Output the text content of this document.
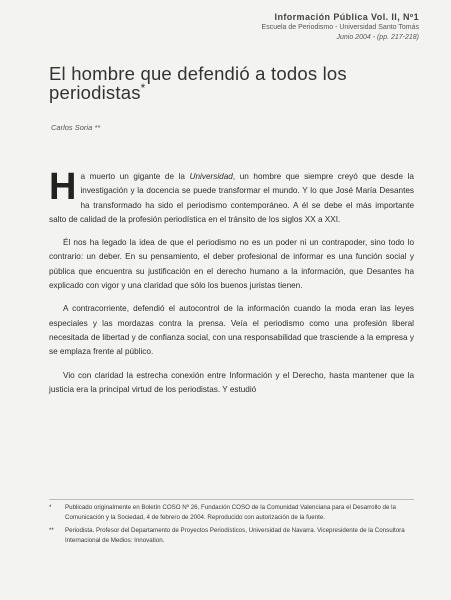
Información Pública Vol. II, Nº1
Escuela de Periodismo - Universidad Santo Tomás
Junio 2004 - (pp. 217-218)
El hombre que defendió a todos los periodistas*
Carlos Soria **

Ha muerto un gigante de la Universidad, un hombre que siempre creyó que desde la investigación y la docencia se puede transformar el mundo. Y lo que José María Desantes ha transformado ha sido el periodismo contemporáneo. A él se debe el más importante salto de calidad de la profesión periodística en el tránsito de los siglos XX a XXI.

Él nos ha legado la idea de que el periodismo no es un poder ni un contrapoder, sino todo lo contrario: un deber. En su pensamiento, el deber profesional de informar es una función social y pública que encuentra su justificación en el derecho humano a la información, que Desantes ha explicado con vigor y una claridad que sólo los buenos juristas tienen.

A contracorriente, defendió el autocontrol de la información cuando la moda eran las leyes especiales y las mordazas contra la prensa. Veía el periodismo como una profesión liberal necesitada de libertad y de confianza social, con una responsabilidad que trasciende a la empresa y se emplaza frente al público.

Vio con claridad la estrecha conexión entre Información y el Derecho, hasta mantener que la justicia era la principal virtud de los periodistas. Y estudió

*	Publicado originalmente en Boletín COSO Nº 26, Fundación COSO de la Comunidad Valenciana para el Desarrollo de la Comunicación y la Sociedad, 4 de febrero de 2004. Reproducido con autorización de la fuente.
**	Periodista. Profesor del Departamento de Proyectos Periodísticos, Universidad de Navarra. Vicepresidente de la Consultora Internacional de Medios: Innovation.
